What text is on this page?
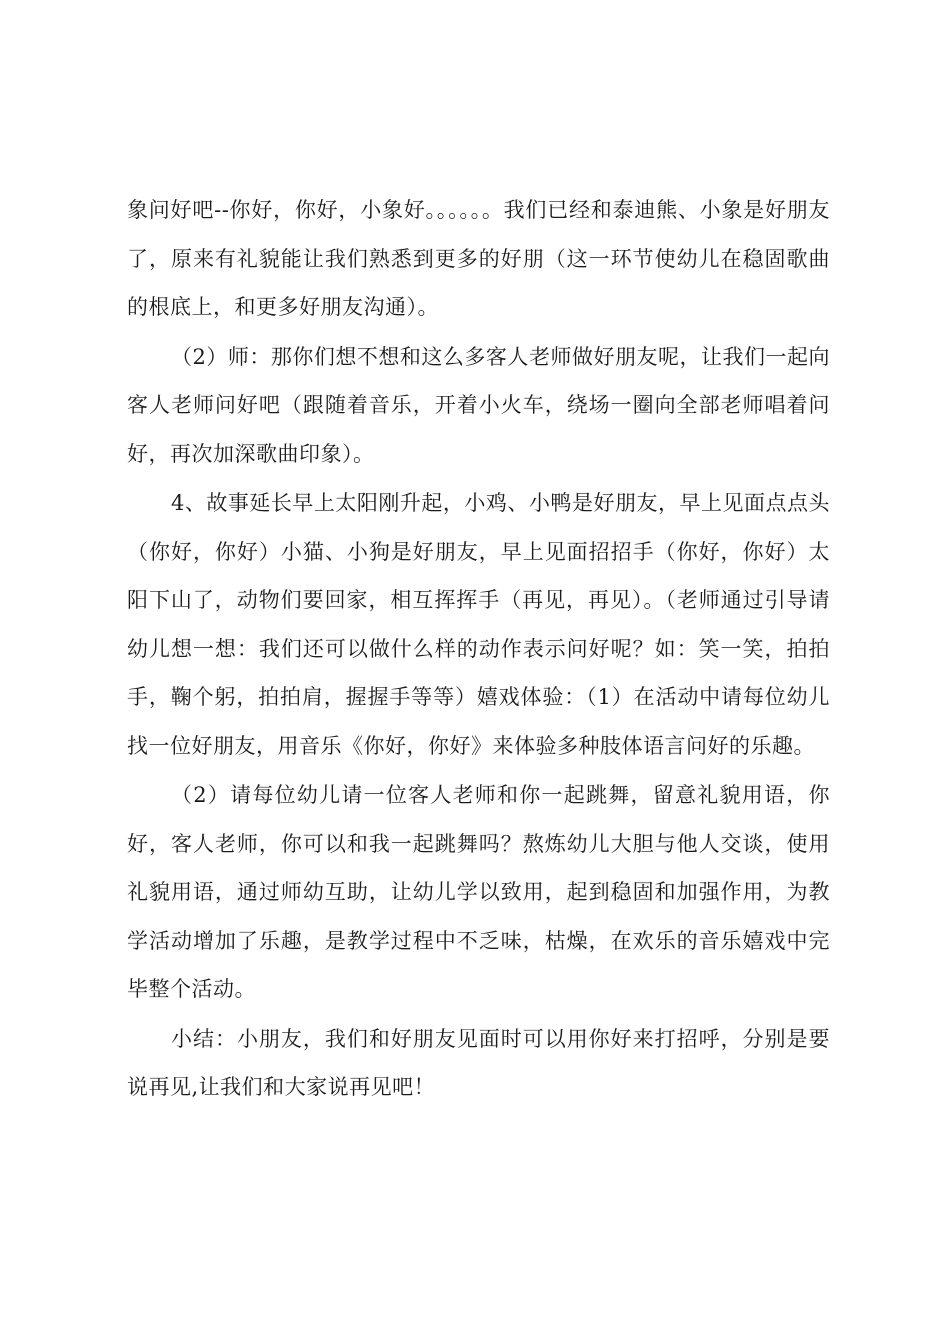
象问好吧--你好，你好，小象好。。。。。。我们已经和泰迪熊、小象是好朋友了，原来有礼貌能让我们熟悉到更多的好朋（这一环节使幼儿在稳固歌曲的根底上，和更多好朋友沟通）。

（2）师：那你们想不想和这么多客人老师做好朋友呢，让我们一起向客人老师问好吧（跟随着音乐，开着小火车，绕场一圈向全部老师唱着问好，再次加深歌曲印象）。

4、故事延长早上太阳刚升起，小鸡、小鸭是好朋友，早上见面点点头（你好，你好）小猫、小狗是好朋友，早上见面招招手（你好，你好）太阳下山了，动物们要回家，相互挥挥手（再见，再见）。（老师通过引导请幼儿想一想：我们还可以做什么样的动作表示问好呢？如：笑一笑，拍拍手，鞠个躬，拍拍肩，握握手等等）嬉戏体验：（1）在活动中请每位幼儿找一位好朋友，用音乐《你好，你好》来体验多种肢体语言问好的乐趣。

（2）请每位幼儿请一位客人老师和你一起跳舞，留意礼貌用语，你好，客人老师，你可以和我一起跳舞吗？熬炼幼儿大胆与他人交谈，使用礼貌用语，通过师幼互助，让幼儿学以致用，起到稳固和加强作用，为教学活动增加了乐趣，是教学过程中不乏味，枯燥，在欢乐的音乐嬉戏中完毕整个活动。

小结：小朋友，我们和好朋友见面时可以用你好来打招呼，分别是要说再见,让我们和大家说再见吧！
